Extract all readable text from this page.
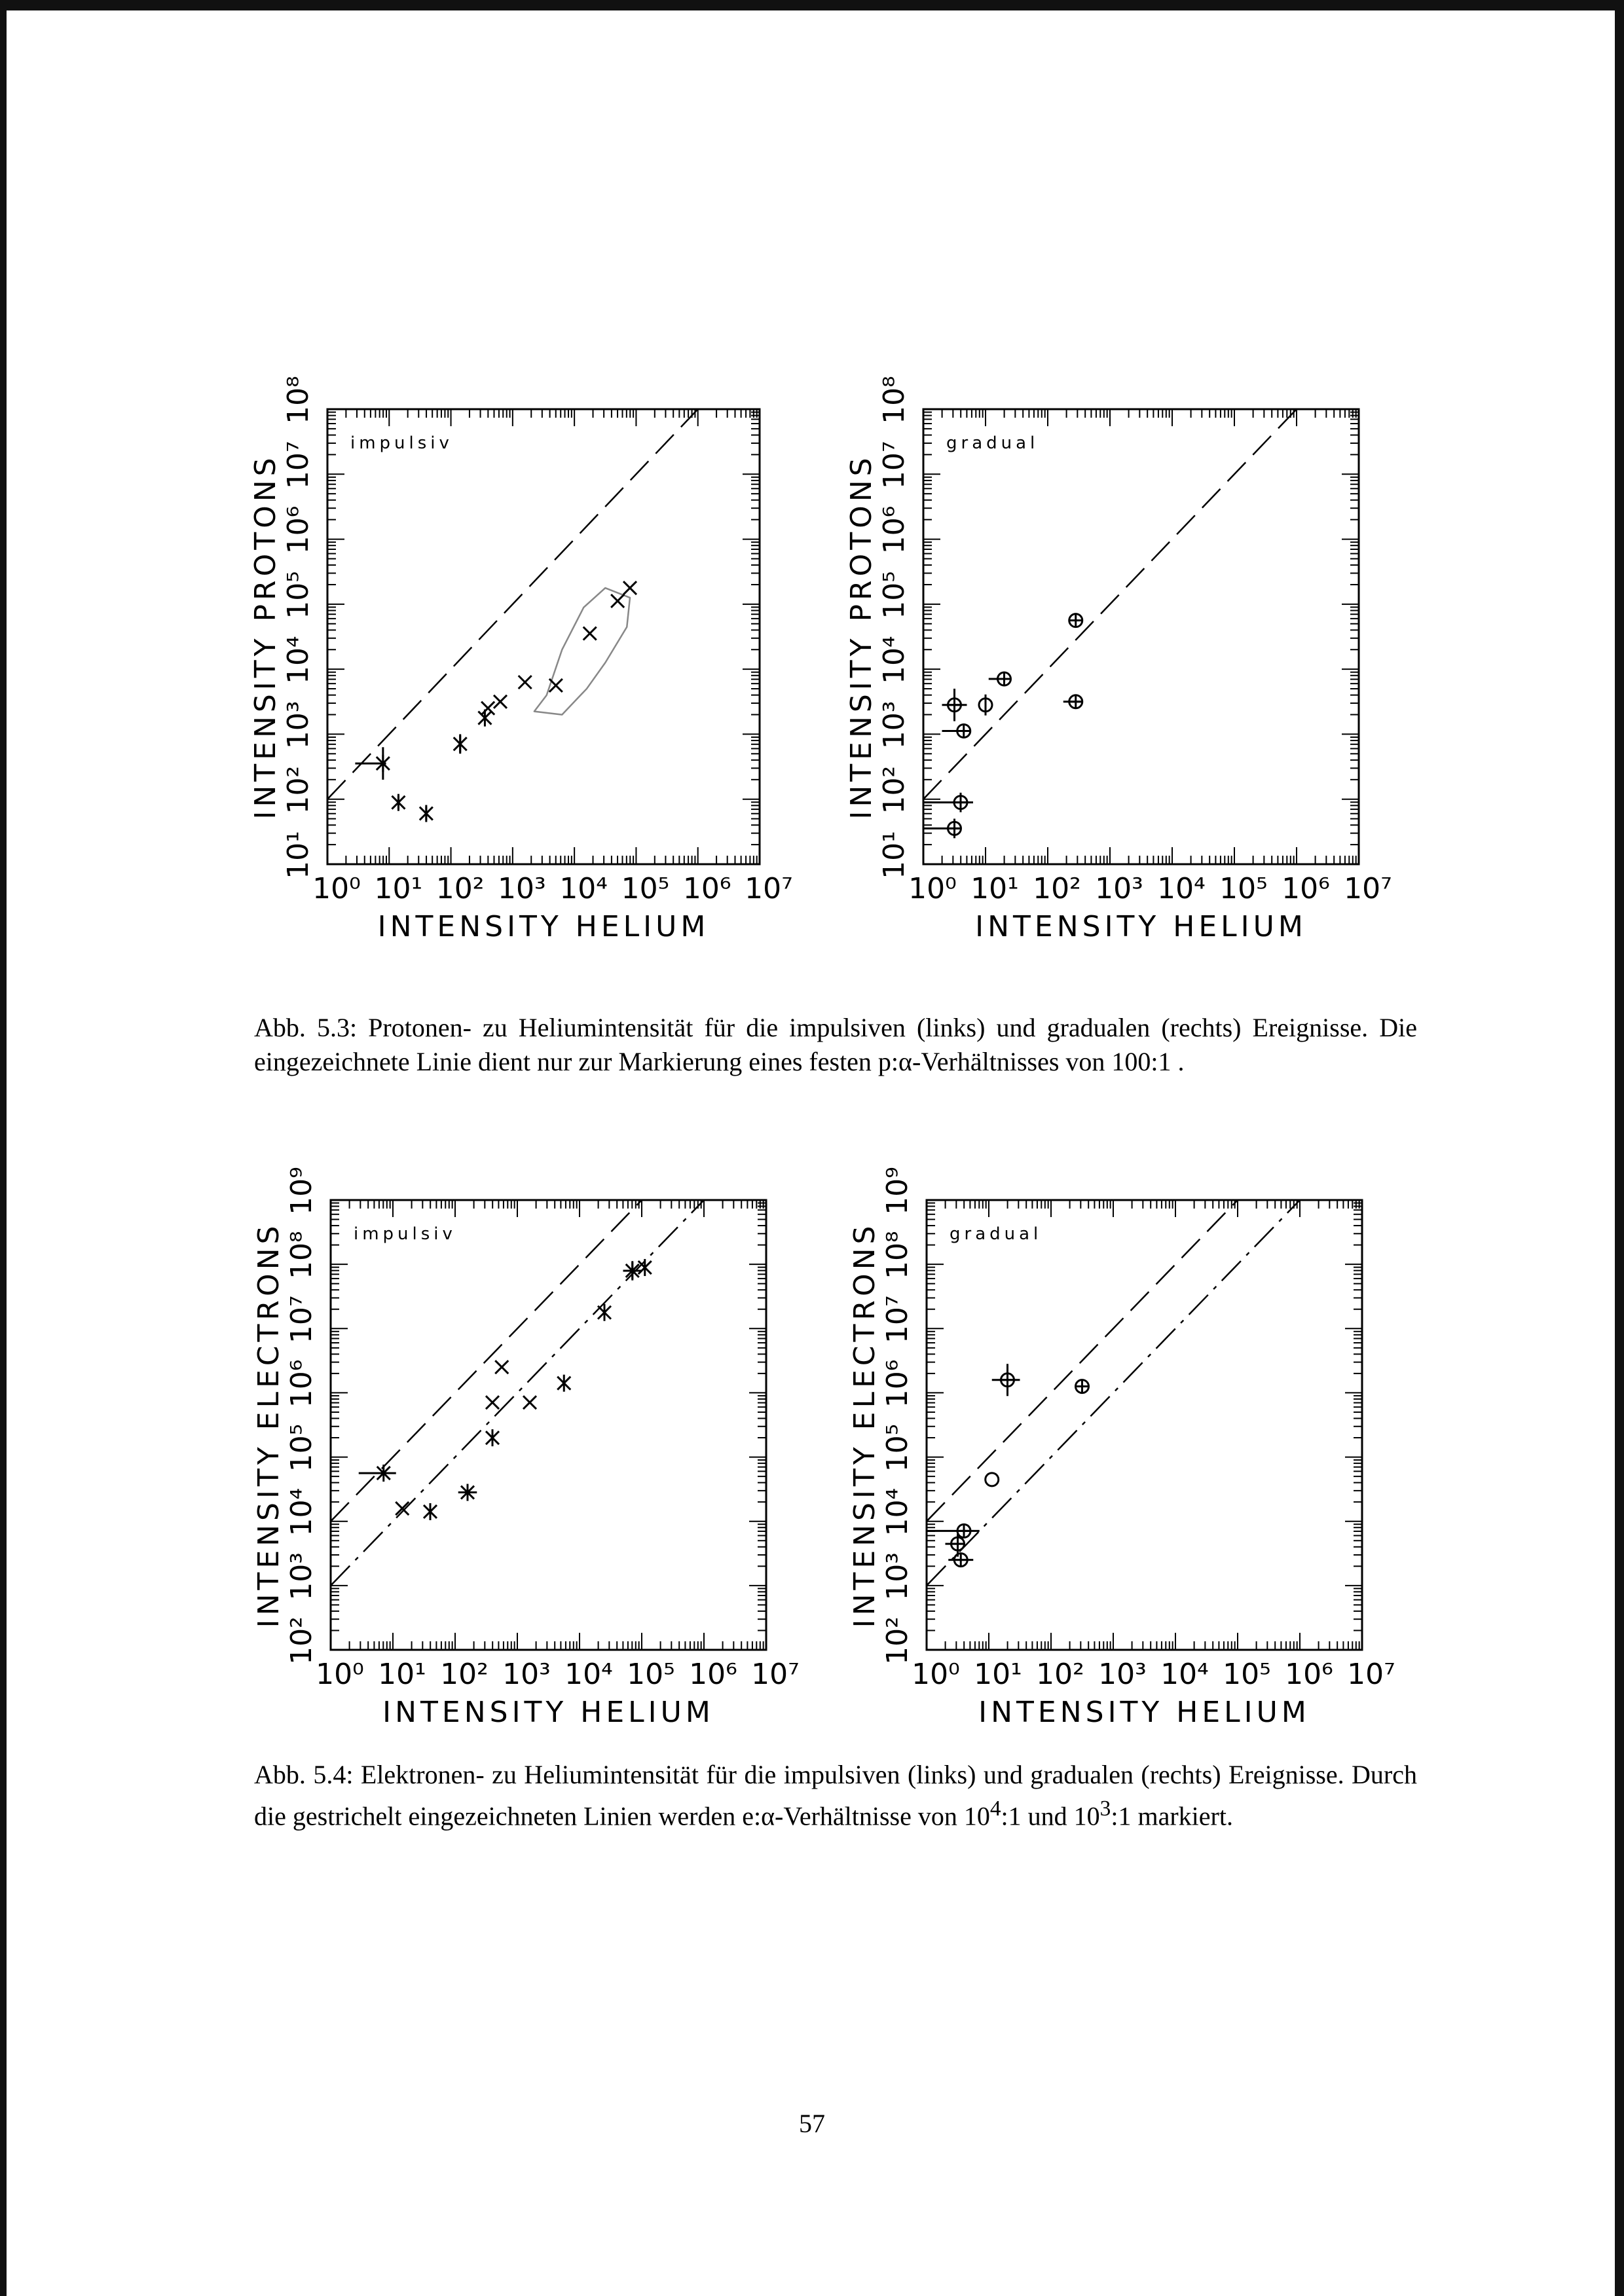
10⁰ 10¹ 10² 10³ 10⁴ 10⁵ 10⁶ 10⁷
10¹
10²
10³
10⁴
10⁵
10⁶
10⁷
10⁸
INTENSITY HELIUM
INTENSITY PROTONS
impulsiv
10⁰ 10¹ 10² 10³ 10⁴ 10⁵ 10⁶ 10⁷
10¹
10²
10³
10⁴
10⁵
10⁶
10⁷
10⁸
INTENSITY HELIUM
INTENSITY PROTONS
gradual
10⁰ 10¹ 10² 10³ 10⁴ 10⁵ 10⁶ 10⁷
10²
10³
10⁴
10⁵
10⁶
10⁷
10⁸
10⁹
INTENSITY HELIUM
INTENSITY ELECTRONS	impulsiv
10⁰ 10¹ 10² 10³ 10⁴ 10⁵ 10⁶ 10⁷
10²
10³
10⁴
10⁵
10⁶
10⁷
10⁸
10⁹
INTENSITY HELIUM
INTENSITY ELECTRONS	gradual
Abb. 5.3: Protonen- zu Heliumintensität für die impulsiven (links) und gradualen (rechts) Ereignisse. Die eingezeichnete Linie dient nur zur Markierung eines festen p:α-Verhältnisses von 100:1 .
Abb. 5.4: Elektronen- zu Heliumintensität für die impulsiven (links) und gradualen (rechts) Ereignisse. Durch die gestrichelt eingezeichneten Linien werden e:α-Verhältnisse von $10^4:1$ und $10^3:1$ markiert.
57
